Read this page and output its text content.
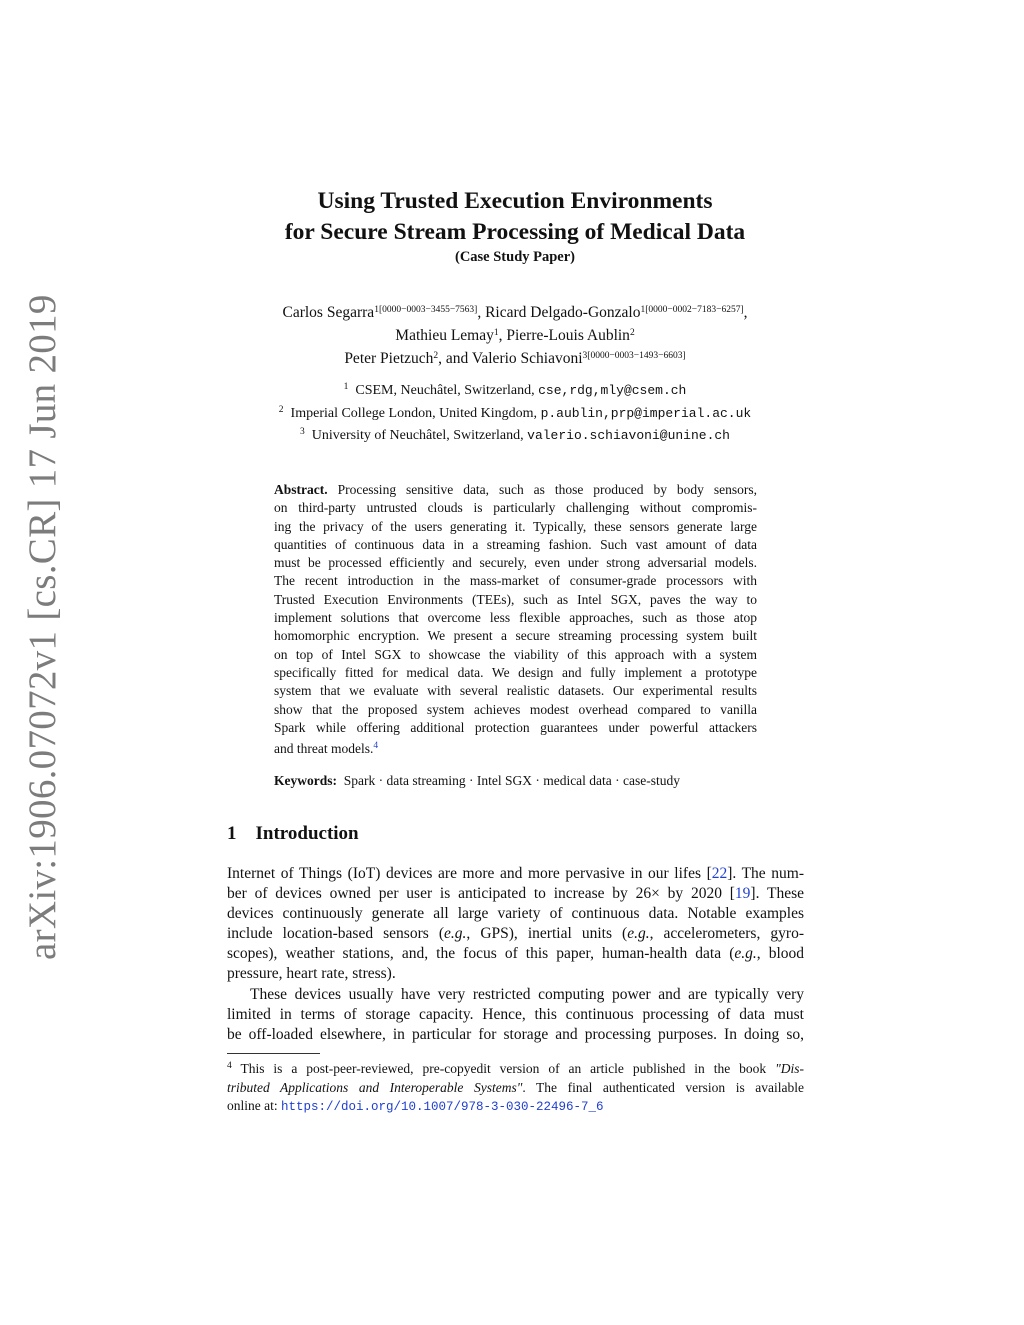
arXiv:1906.07072v1 [cs.CR] 17 Jun 2019
Using Trusted Execution Environments
for Secure Stream Processing of Medical Data
(Case Study Paper)
Carlos Segarra$^{1[0000-0003-3455-7563]}$, Ricard Delgado-Gonzalo$^{1[0000-0002-7183-6257]}$,
Mathieu Lemay$^1$, Pierre-Louis Aublin$^2$
Peter Pietzuch$^2$, and Valerio Schiavoni$^{3[0000-0003-1493-6603]}$
$^1$ CSEM, Neuchâtel, Switzerland, cse,rdg,mly@csem.ch
$^2$ Imperial College London, United Kingdom, p.aublin,prp@imperial.ac.uk
$^3$ University of Neuchâtel, Switzerland, valerio.schiavoni@unine.ch
Abstract. Processing sensitive data, such as those produced by body sensors,
on third-party untrusted clouds is particularly challenging without compromis-
ing the privacy of the users generating it. Typically, these sensors generate large
quantities of continuous data in a streaming fashion. Such vast amount of data
must be processed efficiently and securely, even under strong adversarial models.
The recent introduction in the mass-market of consumer-grade processors with
Trusted Execution Environments (TEEs), such as Intel SGX, paves the way to
implement solutions that overcome less flexible approaches, such as those atop
homomorphic encryption. We present a secure streaming processing system built
on top of Intel SGX to showcase the viability of this approach with a system
specifically fitted for medical data. We design and fully implement a prototype
system that we evaluate with several realistic datasets. Our experimental results
show that the proposed system achieves modest overhead compared to vanilla
Spark while offering additional protection guarantees under powerful attackers
and threat models.$^4$
Keywords: Spark · data streaming · Intel SGX · medical data · case-study
1 Introduction
Internet of Things (IoT) devices are more and more pervasive in our lifes [22]. The num-
ber of devices owned per user is anticipated to increase by 26× by 2020 [19]. These
devices continuously generate all large variety of continuous data. Notable examples
include location-based sensors (e.g., GPS), inertial units (e.g., accelerometers, gyro-
scopes), weather stations, and, the focus of this paper, human-health data (e.g., blood
pressure, heart rate, stress).
These devices usually have very restricted computing power and are typically very
limited in terms of storage capacity. Hence, this continuous processing of data must
be off-loaded elsewhere, in particular for storage and processing purposes. In doing so,
$^4$ This is a post-peer-reviewed, pre-copyedit version of an article published in the book "Dis-
tributed Applications and Interoperable Systems". The final authenticated version is available
online at: https://doi.org/10.1007/978-3-030-22496-7_6
